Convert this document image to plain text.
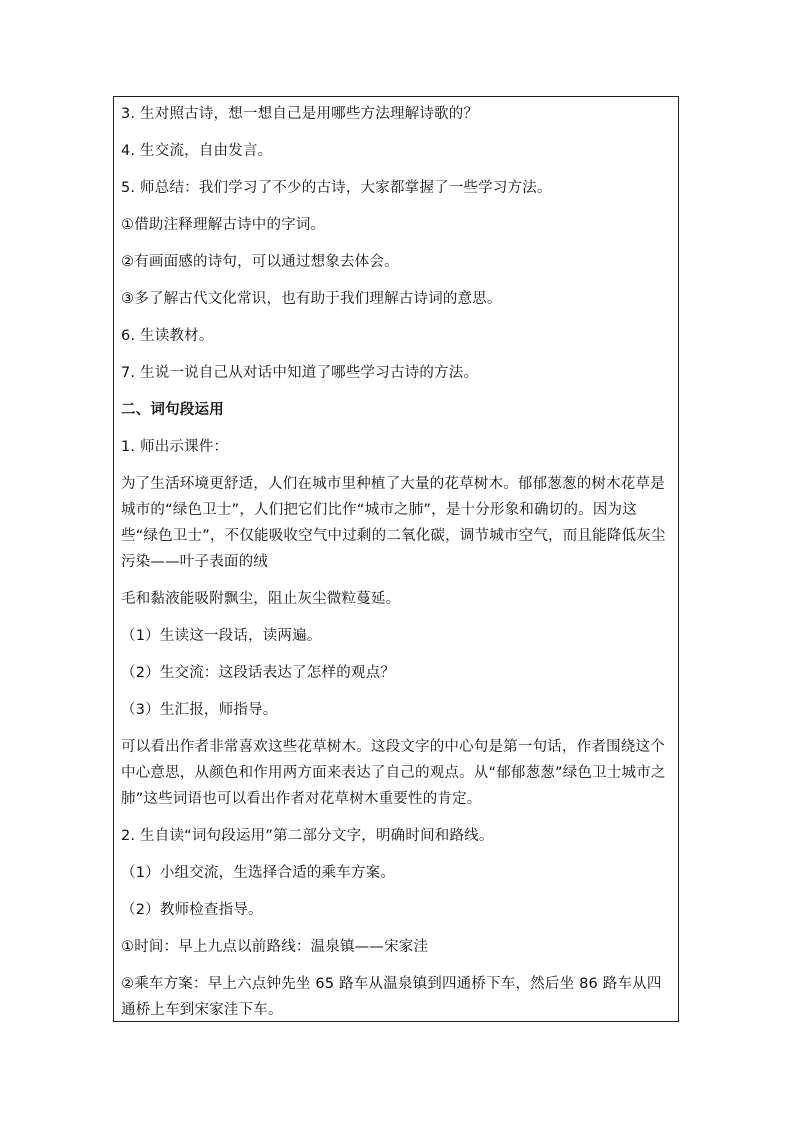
3. 生对照古诗，想一想自己是用哪些方法理解诗歌的？

4. 生交流，自由发言。

5. 师总结：我们学习了不少的古诗，大家都掌握了一些学习方法。

①借助注释理解古诗中的字词。

②有画面感的诗句，可以通过想象去体会。

③多了解古代文化常识，也有助于我们理解古诗词的意思。

6. 生读教材。

7. 生说一说自己从对话中知道了哪些学习古诗的方法。

二、词句段运用

1. 师出示课件：

为了生活环境更舒适，人们在城市里种植了大量的花草树木。郁郁葱葱的树木花草是城市的“绿色卫士”，人们把它们比作“城市之肺”，是十分形象和确切的。因为这些“绿色卫士”，不仅能吸收空气中过剩的二氧化碳，调节城市空气，而且能降低灰尘污染——叶子表面的绒

毛和黏液能吸附飘尘，阻止灰尘微粒蔓延。

（1）生读这一段话，读两遍。

（2）生交流：这段话表达了怎样的观点？

（3）生汇报，师指导。

可以看出作者非常喜欢这些花草树木。这段文字的中心句是第一句话，作者围绕这个中心意思，从颜色和作用两方面来表达了自己的观点。从“郁郁葱葱”绿色卫士城市之肺”这些词语也可以看出作者对花草树木重要性的肯定。

2. 生自读“词句段运用”第二部分文字，明确时间和路线。

（1）小组交流，生选择合适的乘车方案。

（2）教师检查指导。

①时间：早上九点以前路线：温泉镇——宋家洼

②乘车方案：早上六点钟先坐 65 路车从温泉镇到四通桥下车，然后坐 86 路车从四通桥上车到宋家洼下车。
